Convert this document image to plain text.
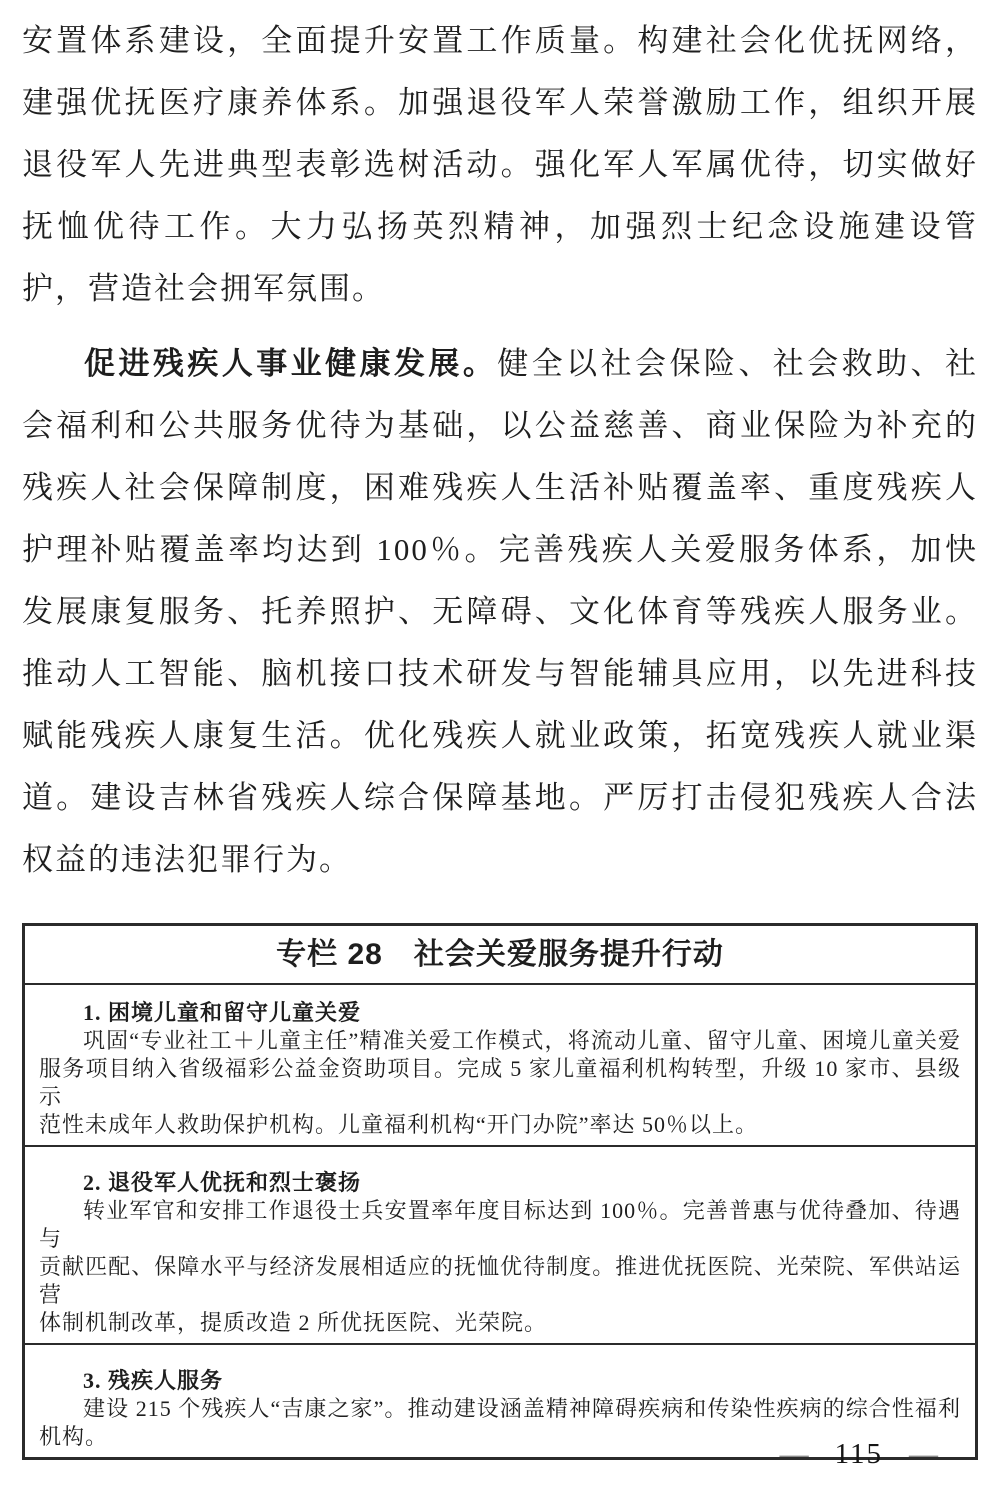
安置体系建设，全面提升安置工作质量。构建社会化优抚网络，
建强优抚医疗康养体系。加强退役军人荣誉激励工作，组织开展
退役军人先进典型表彰选树活动。强化军人军属优待，切实做好
抚恤优待工作。大力弘扬英烈精神，加强烈士纪念设施建设管
护，营造社会拥军氛围。
促进残疾人事业健康发展。健全以社会保险、社会救助、社
会福利和公共服务优待为基础，以公益慈善、商业保险为补充的
残疾人社会保障制度，困难残疾人生活补贴覆盖率、重度残疾人
护理补贴覆盖率均达到 100％。完善残疾人关爱服务体系，加快
发展康复服务、托养照护、无障碍、文化体育等残疾人服务业。
推动人工智能、脑机接口技术研发与智能辅具应用，以先进科技
赋能残疾人康复生活。优化残疾人就业政策，拓宽残疾人就业渠
道。建设吉林省残疾人综合保障基地。严厉打击侵犯残疾人合法
权益的违法犯罪行为。
专栏 28　社会关爱服务提升行动
1. 困境儿童和留守儿童关爱
巩固“专业社工＋儿童主任”精准关爱工作模式，将流动儿童、留守儿童、困境儿童关爱
服务项目纳入省级福彩公益金资助项目。完成 5 家儿童福利机构转型，升级 10 家市、县级示
范性未成年人救助保护机构。儿童福利机构“开门办院”率达 50％以上。
2. 退役军人优抚和烈士褒扬
转业军官和安排工作退役士兵安置率年度目标达到 100％。完善普惠与优待叠加、待遇与
贡献匹配、保障水平与经济发展相适应的抚恤优待制度。推进优抚医院、光荣院、军供站运营
体制机制改革，提质改造 2 所优抚医院、光荣院。
3. 残疾人服务
建设 215 个残疾人“吉康之家”。推动建设涵盖精神障碍疾病和传染性疾病的综合性福利
机构。
— 115 —
